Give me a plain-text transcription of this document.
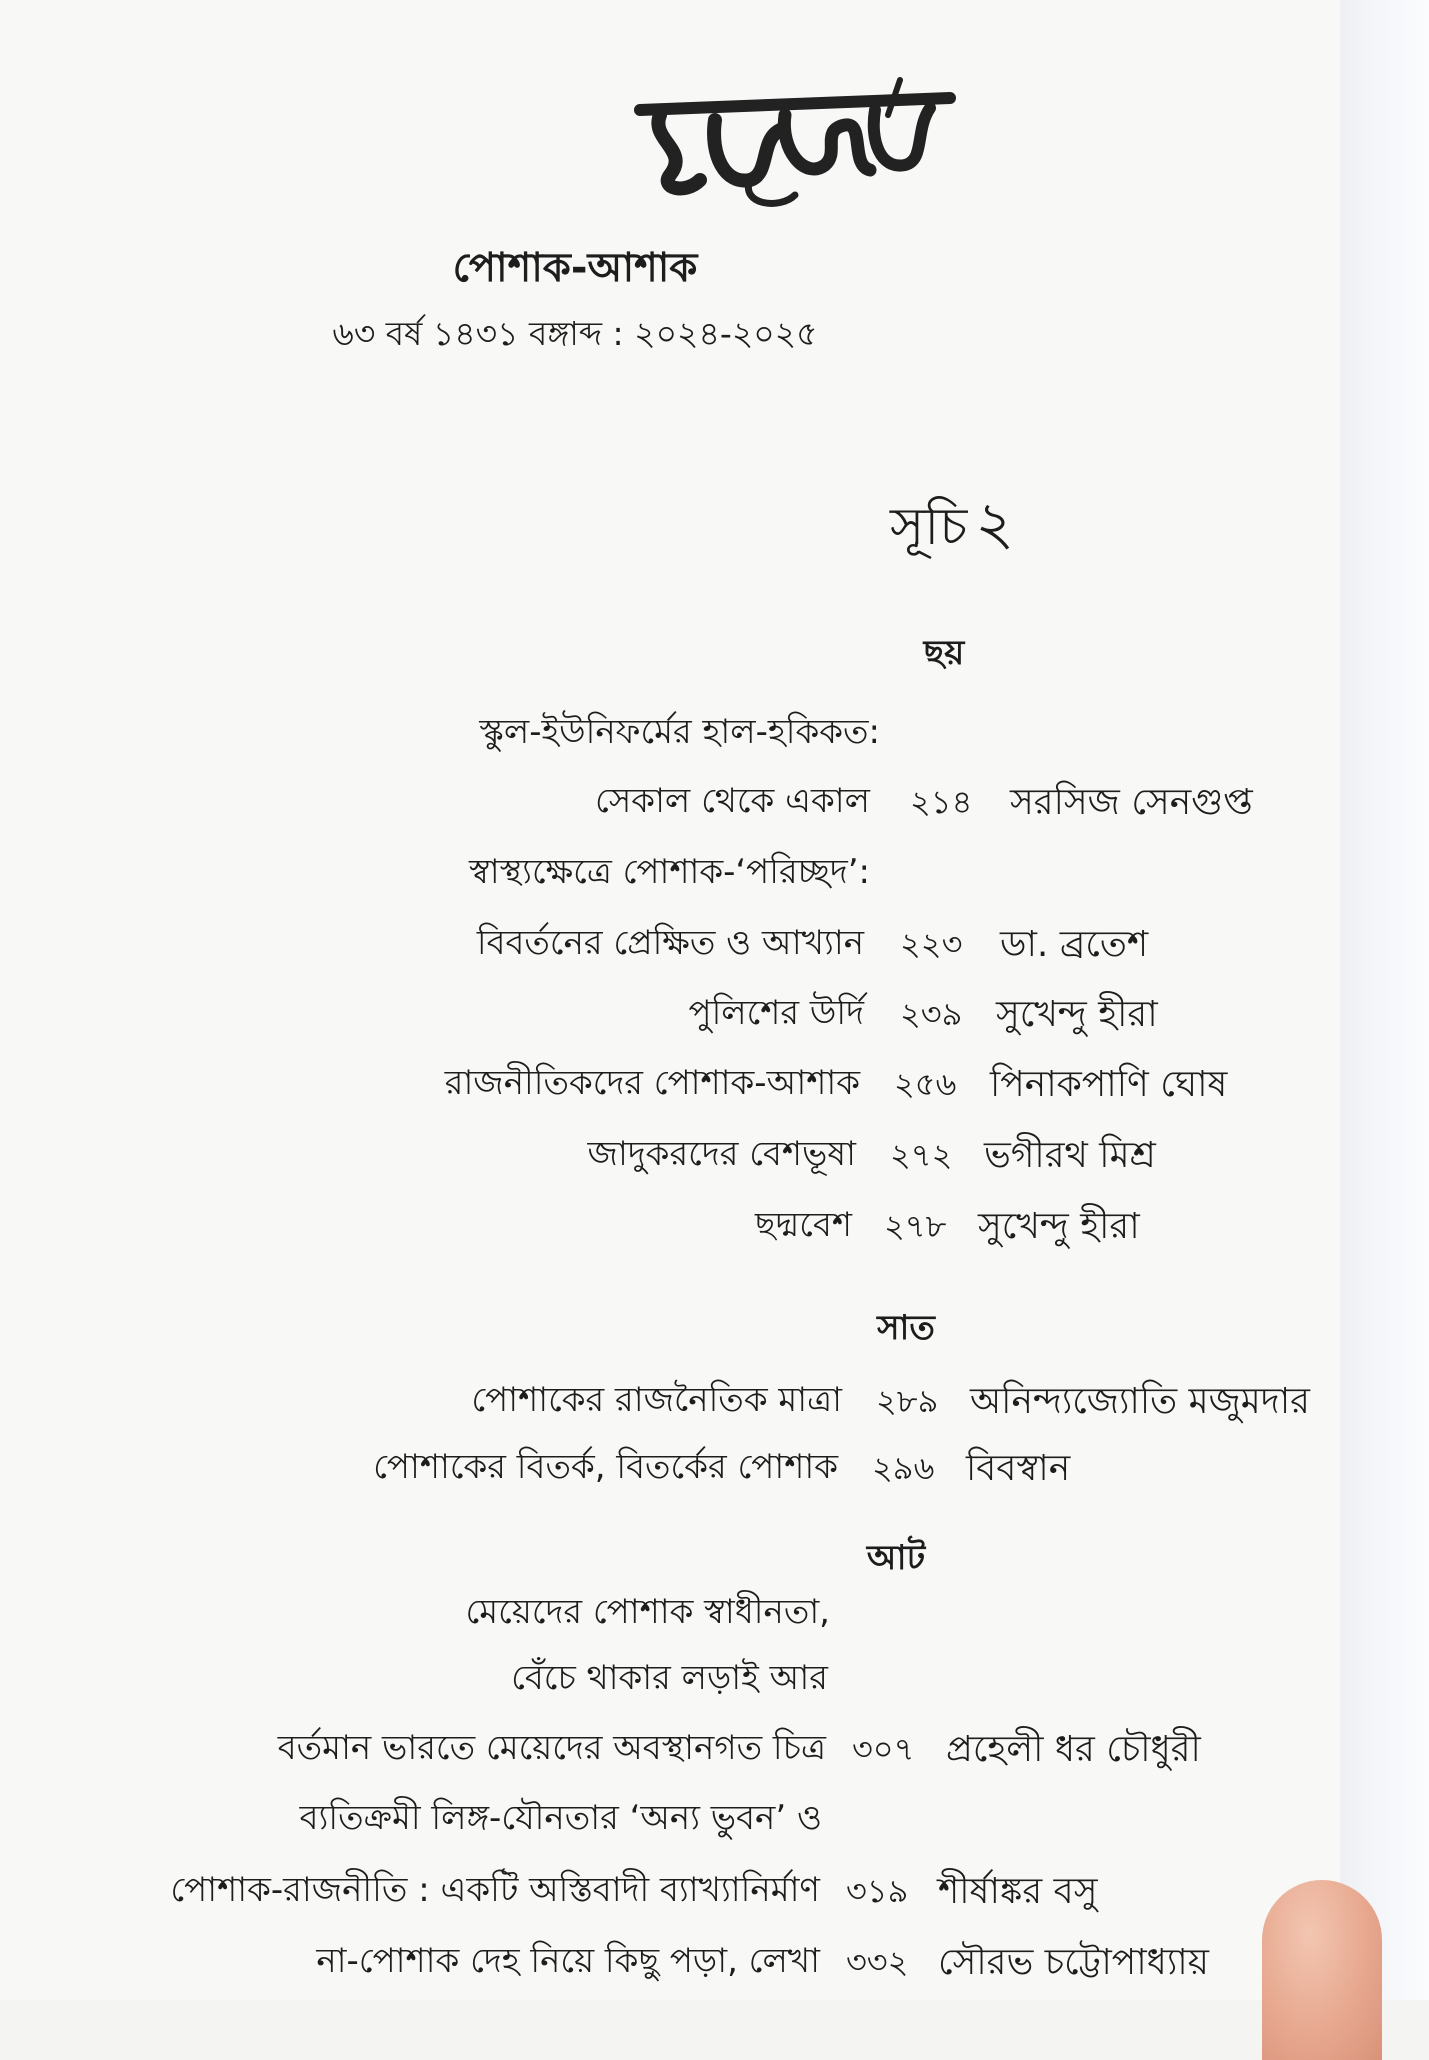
পোশাক-আশাক
৬৩ বর্ষ ১৪৩১ বঙ্গাব্দ : ২০২৪-২০২৫
সূচি ২
ছয়
স্কুল-ইউনিফর্মের হাল-হকিকত:
সেকাল থেকে একাল ২১৪ সরসিজ সেনগুপ্ত
স্বাস্থ্যক্ষেত্রে পোশাক-‘পরিচ্ছদ’:
বিবর্তনের প্রেক্ষিত ও আখ্যান ২২৩ ডা. ব্রতেশ
পুলিশের উর্দি ২৩৯ সুখেন্দু হীরা
রাজনীতিকদের পোশাক-আশাক ২৫৬ পিনাকপাণি ঘোষ
জাদুকরদের বেশভূষা ২৭২ ভগীরথ মিশ্র
ছদ্মবেশ ২৭৮ সুখেন্দু হীরা
সাত
পোশাকের রাজনৈতিক মাত্রা ২৮৯ অনিন্দ্যজ্যোতি মজুমদার
পোশাকের বিতর্ক, বিতর্কের পোশাক ২৯৬ বিবস্বান
আট
মেয়েদের পোশাক স্বাধীনতা,
বেঁচে থাকার লড়াই আর
বর্তমান ভারতে মেয়েদের অবস্থানগত চিত্র ৩০৭ প্রহেলী ধর চৌধুরী
ব্যতিক্রমী লিঙ্গ-যৌনতার ‘অন্য ভুবন’ ও
পোশাক-রাজনীতি : একটি অস্তিবাদী ব্যাখ্যানির্মাণ ৩১৯ শীর্ষাঙ্কর বসু
না-পোশাক দেহ নিয়ে কিছু পড়া, লেখা ৩৩২ সৌরভ চট্টোপাধ্যায়
